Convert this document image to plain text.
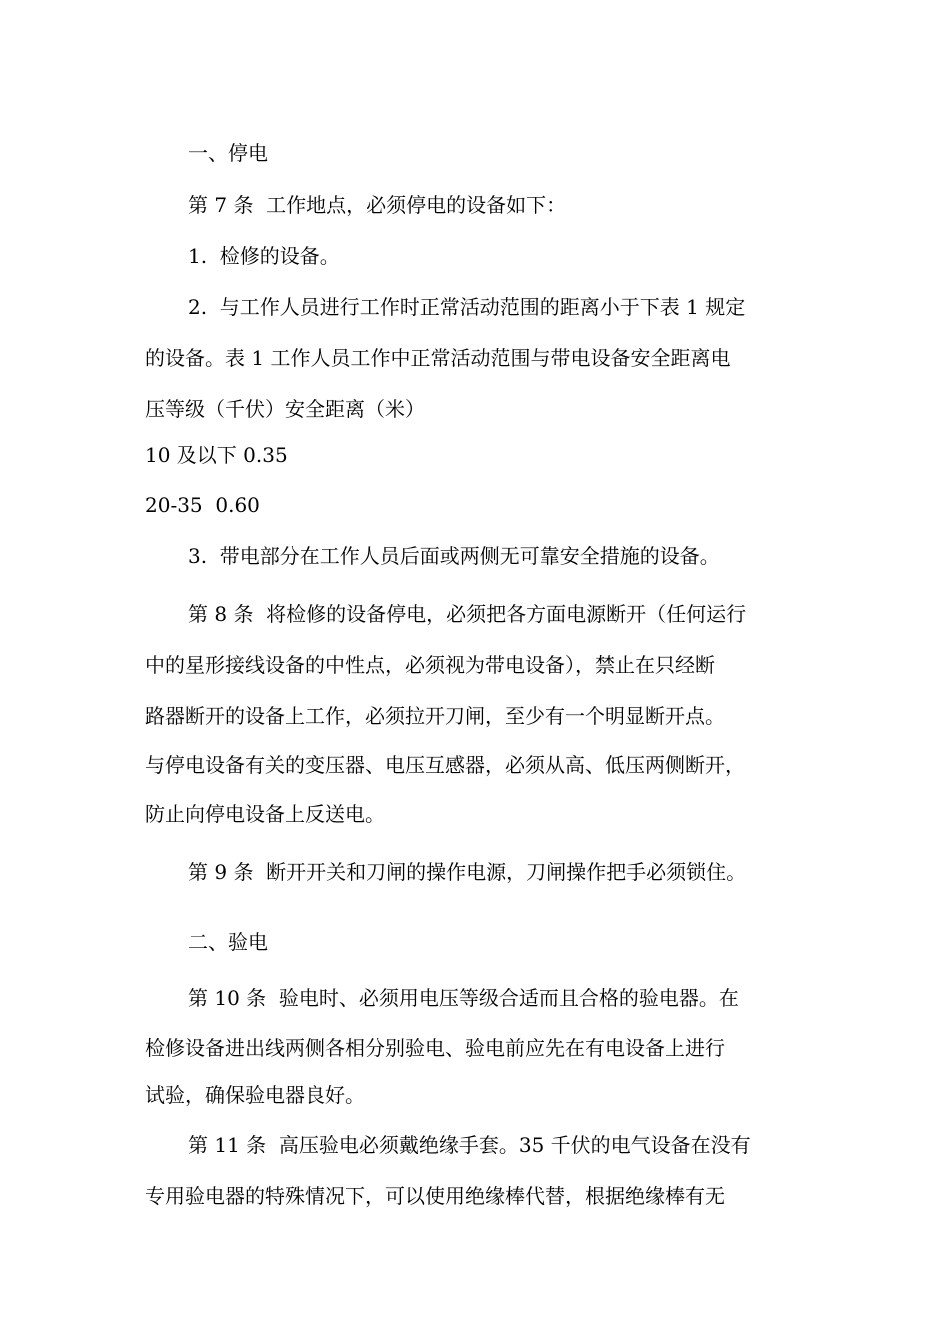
一、停电
第 7 条  工作地点，必须停电的设备如下：
1.  检修的设备。
2.  与工作人员进行工作时正常活动范围的距离小于下表 1 规定
的设备。表 1 工作人员工作中正常活动范围与带电设备安全距离电
压等级（千伏）安全距离（米）
10 及以下 0.35
20-35  0.60
3.  带电部分在工作人员后面或两侧无可靠安全措施的设备。
第 8 条  将检修的设备停电，必须把各方面电源断开（任何运行
中的星形接线设备的中性点，必须视为带电设备），禁止在只经断
路器断开的设备上工作，必须拉开刀闸，至少有一个明显断开点。
与停电设备有关的变压器、电压互感器，必须从高、低压两侧断开，
防止向停电设备上反送电。
第 9 条  断开开关和刀闸的操作电源，刀闸操作把手必须锁住。
二、验电
第 10 条  验电时、必须用电压等级合适而且合格的验电器。在
检修设备进出线两侧各相分别验电、验电前应先在有电设备上进行
试验，确保验电器良好。
第 11 条  高压验电必须戴绝缘手套。35 千伏的电气设备在没有
专用验电器的特殊情况下，可以使用绝缘棒代替，根据绝缘棒有无
